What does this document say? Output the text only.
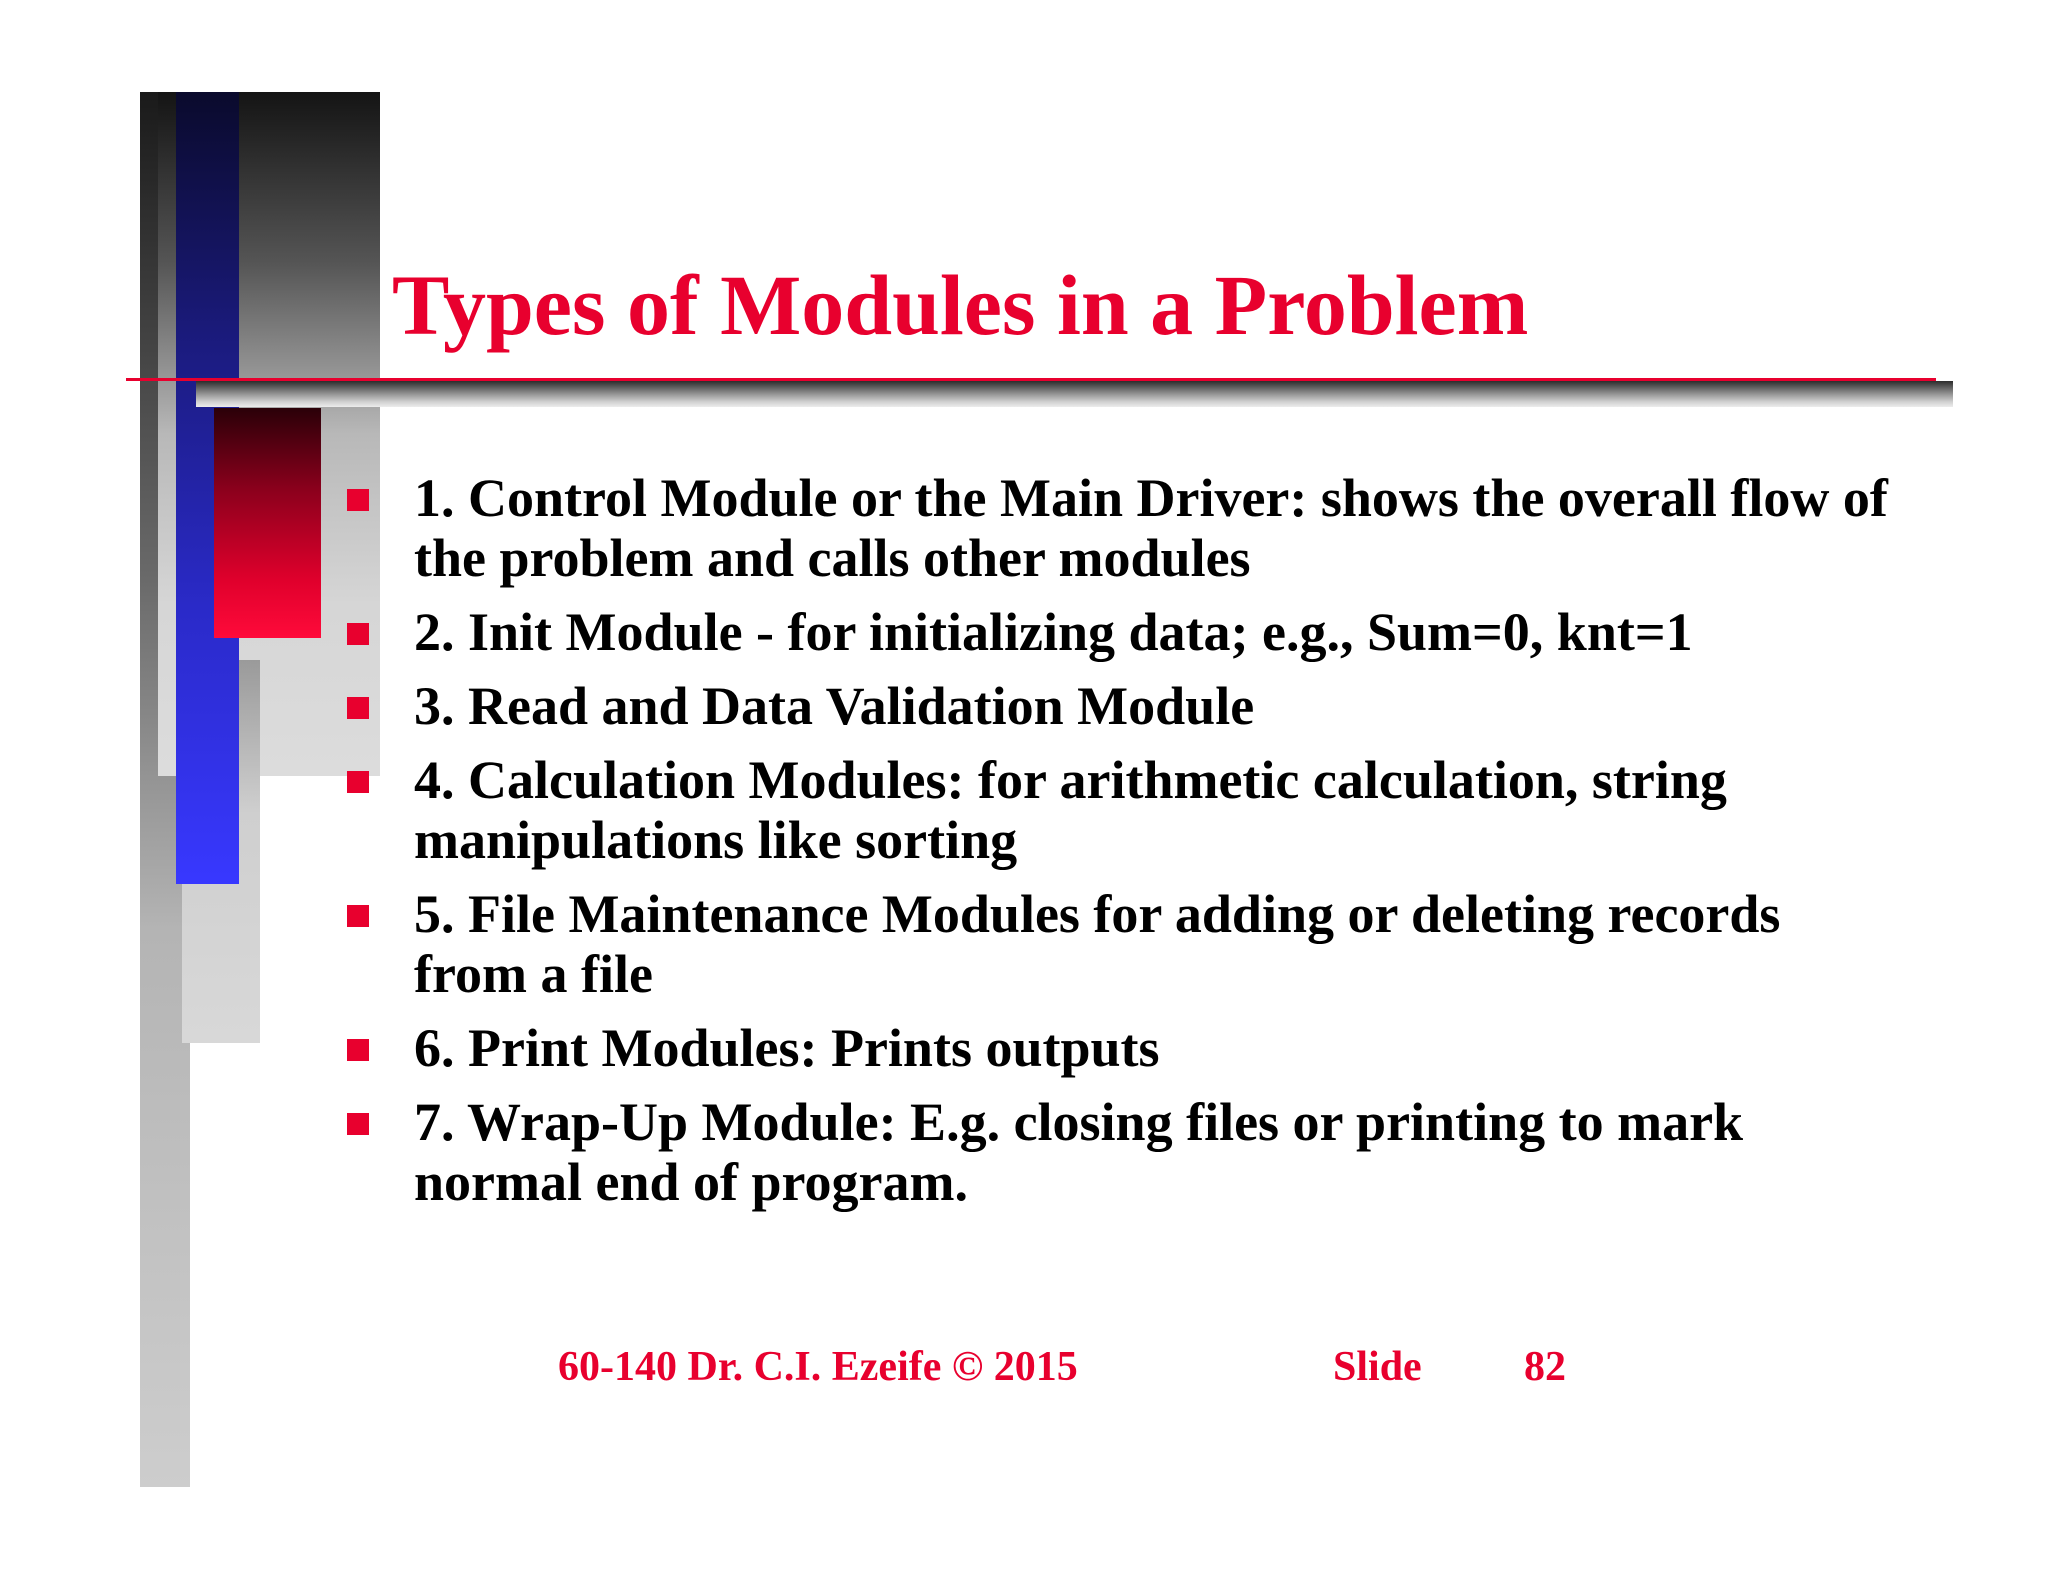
Types of Modules in a Problem
1. Control Module or the Main Driver: shows the overall flow of the problem and calls other modules
2. Init Module - for initializing data; e.g., Sum=0, knt=1
3. Read and Data Validation Module
4. Calculation Modules: for arithmetic calculation, string manipulations like sorting
5. File Maintenance Modules for adding or deleting records from a file
6. Print Modules: Prints outputs
7. Wrap-Up Module: E.g. closing files or printing to mark normal end of program.
60-140 Dr. C.I. Ezeife © 2015	Slide 82
